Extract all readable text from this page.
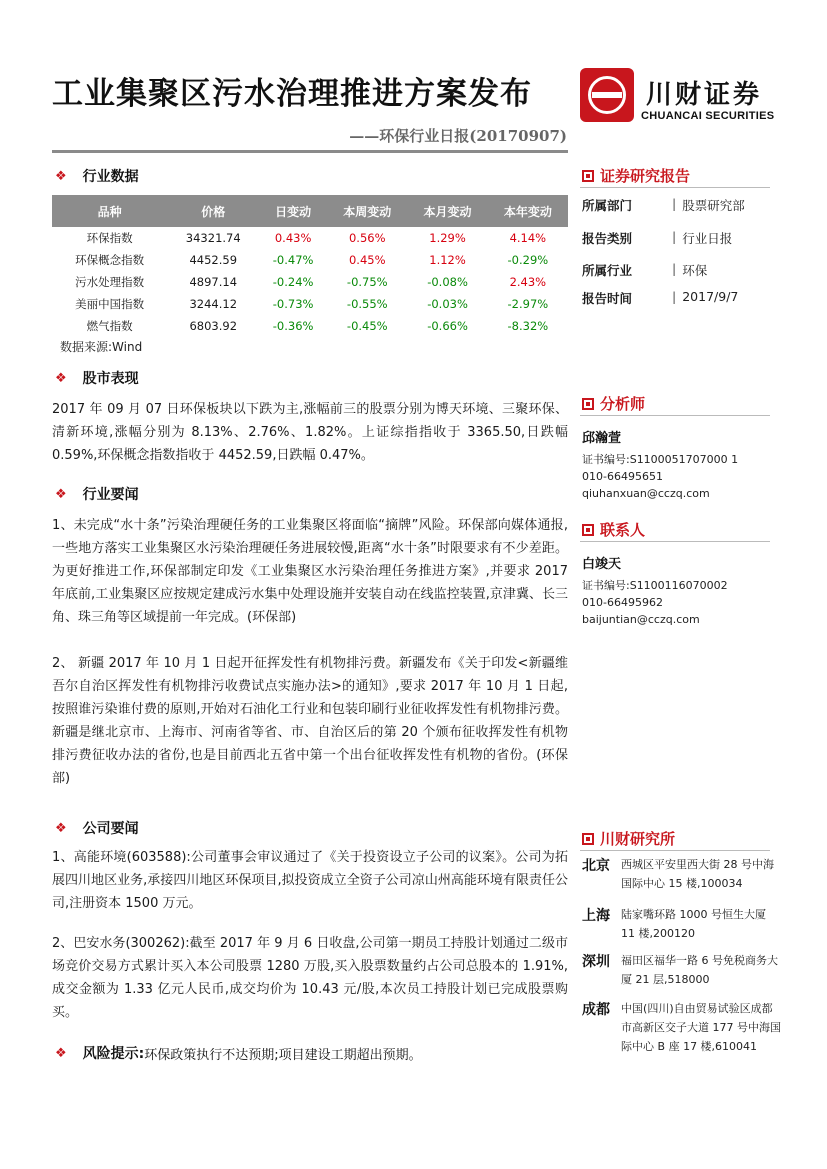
工业集聚区污水治理推进方案发布
——环保行业日报(20170907)
川财证券
CHUANCAI SECURITIES
❖ 行业数据
品种	价格	日变动	本周变动	本月变动	本年变动
环保指数	34321.74	0.43%	0.56%	1.29%	4.14%
环保概念指数	4452.59	-0.47%	0.45%	1.12%	-0.29%
污水处理指数	4897.14	-0.24%	-0.75%	-0.08%	2.43%
美丽中国指数	3244.12	-0.73%	-0.55%	-0.03%	-2.97%
燃气指数	6803.92	-0.36%	-0.45%	-0.66%	-8.32%
数据来源:Wind
❖ 股市表现
2017 年 09 月 07 日环保板块以下跌为主,涨幅前三的股票分别为博天环境、三聚环保、清新环境,涨幅分别为 8.13%、2.76%、1.82%。上证综指指收于 3365.50,日跌幅 0.59%,环保概念指数指收于 4452.59,日跌幅 0.47%。
❖ 行业要闻
1、未完成“水十条”污染治理硬任务的工业集聚区将面临“摘牌”风险。环保部向媒体通报,一些地方落实工业集聚区水污染治理硬任务进展较慢,距离“水十条”时限要求有不少差距。为更好推进工作,环保部制定印发《工业集聚区水污染治理任务推进方案》,并要求 2017 年底前,工业集聚区应按规定建成污水集中处理设施并安装自动在线监控装置,京津冀、长三角、珠三角等区域提前一年完成。(环保部)
2、 新疆 2017 年 10 月 1 日起开征挥发性有机物排污费。新疆发布《关于印发<新疆维吾尔自治区挥发性有机物排污收费试点实施办法>的通知》,要求 2017 年 10 月 1 日起,按照谁污染谁付费的原则,开始对石油化工行业和包装印刷行业征收挥发性有机物排污费。新疆是继北京市、上海市、河南省等省、市、自治区后的第 20 个颁布征收挥发性有机物排污费征收办法的省份,也是目前西北五省中第一个出台征收挥发性有机物的省份。(环保部)
❖ 公司要闻
1、高能环境(603588):公司董事会审议通过了《关于投资设立子公司的议案》。公司为拓展四川地区业务,承接四川地区环保项目,拟投资成立全资子公司凉山州高能环境有限责任公司,注册资本 1500 万元。
2、巴安水务(300262):截至 2017 年 9 月 6 日收盘,公司第一期员工持股计划通过二级市场竞价交易方式累计买入本公司股票 1280 万股,买入股票数量约占公司总股本的 1.91%,成交金额为 1.33 亿元人民币,成交均价为 10.43 元/股,本次员工持股计划已完成股票购买。
❖ 风险提示: 环保政策执行不达预期;项目建设工期超出预期。
证券研究报告
所属部门	| 股票研究部
报告类别	| 行业日报
所属行业	| 环保
报告时间	| 2017/9/7
分析师
邱瀚萱
证书编号:S1100051707000 1
010-66495651
qiuhanxuan@cczq.com
联系人
白竣天
证书编号:S1100116070002
010-66495962
baijuntian@cczq.com
川财研究所
北京	西城区平安里西大街 28 号中海国际中心 15 楼,100034
上海	陆家嘴环路 1000 号恒生大厦 11 楼,200120
深圳	福田区福华一路 6 号免税商务大厦 21 层,518000
成都	中国(四川)自由贸易试验区成都市高新区交子大道 177 号中海国际中心 B 座 17 楼,610041
